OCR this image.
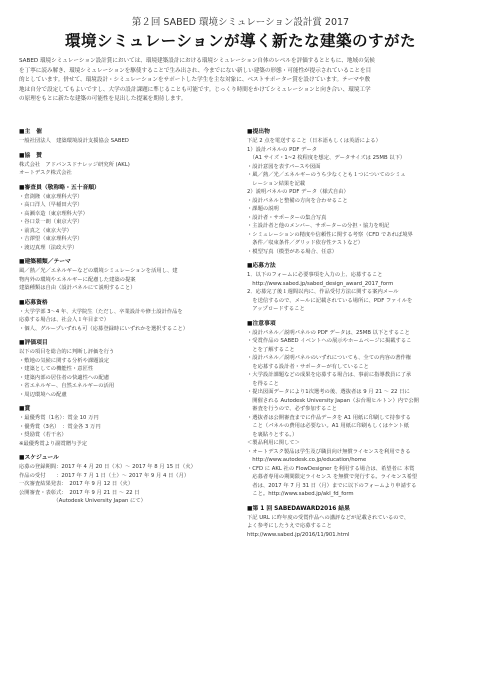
第２回 SABED 環境シミュレーション設計賞 2017
環境シミュレーションが導く新たな建築のすがた
SABED 環境シミュレーション設計賞においては、環境建築設計における環境シミュレーション自体のレベルを評価するとともに、地域の気候
を丁寧に読み解き、環境シミュレーションを駆使することで生み出され、今までにない新しい建築の形態・可能性が提示されていることを目
的としています。併せて、環境設計・シミュレーションをサポートした学生を主な対象に、ベストサポーター賞を設けています。テーマや敷
地は自分で設定してもよいですし、大学の設計課題に準じることも可能です。じっくり時間をかけてシミュレーションと向き合い、環境工学
の原理をもとに新たな建築の可能性を見出した提案を期待します。
■主　催
一般社団法人　建築環境設計支援協会 SABED
■協　賛
株式会社　アドバンスドナレッジ研究所 (AKL)
オートデスク株式会社
■審査員（敬称略・五十音順）
・倉渕隆（東京理科大学）
・高口洋人（早稲田大学）
・高瀬幸造（東京理科大学）
・谷口景一朗（東京大学）
・前真之（東京大学）
・吉澤望（東京理科大学）
・渡辺真理（法政大学）
■建築種類／テーマ
風／熱／光／エネルギーなどの環境シミュレーションを活用し、建
物内外の環境やエネルギーに配慮した建築の提案
建築種類は自由（設計パネルにて説明すること）
■応募資格
・大学学部 3～4 年、大学院生（ただし、卒業設計や修士設計作品を
応募する場合は、社会人１年目まで）
・個人、グループいずれも可（応募登録時にいずれかを選択すること）
■評価項目
以下の項目を総合的に判断し評価を行う
・敷地の気候に関する分析や課題設定
・建築としての機能性・意匠性
・建築内部の居住者の快適性への配慮
・省エネルギー、自然エネルギーの活用
・周辺環境への配慮
■賞
・最優秀賞（1名）：賞金 10 万円
・優秀賞（3名）　：賞金各 3 万円
・奨励賞（若干名）
※最優秀賞より副賞贈与予定
■スケジュール
応募の登録期間：2017 年 4 月 20 日（木）～ 2017 年 8 月 15 日（火）
作品の受付　　：2017 年 7 月 1 日（土）～ 2017 年 9 月 4 日（月）
一次審査結果発表：　2017 年 9 月 12 日（火）
公開審査・表彰式：　2017 年 9 月 21 日 ～ 22 日
　　　　　　　（Autodesk University Japan にて）
■提出物
下記 2 点を電送すること（日本語もしくは英語による）
1）設計パネルの PDF データ
　（A1 サイズ・1~2 枚程度を想定、データサイズは 25MB 以下）
・設計意図を表すパースや図面
・風／熱／光／エネルギーのうち少なくとも１つについてのシミュ
　レーション結果を記載
2）説明パネルの PDF データ（様式自由）
・設計パネルと整備の方向を合わせること
・課題の説明
・設計者・サポーターの集合写真
・主設計者と他のメンバー、サポーターの分担・協力を明記
・シミュレーションの精度や信頼性に関する考察（CFD であれば境界
　条件／収束条件／グリッド依存性テストなど）
・模型写真（模型がある場合、任意）
■応募方法
1．以下のフォームに必要事項を入力の上、応募すること
　http://www.sabed.jp/sabed_design_award_2017_form
2．応募完了後１週間以内に、作品受付方法に関する案内メール
　を送信するので、メールに記載されている場所に、PDF ファイルを
　アップロードすること
■注意事項
・設計パネル／説明パネルの PDF データは、25MB 以下とすること
・受賞作品の SABED イベントへの展示やホームページに掲載するこ
　とを了解すること
・設計パネル／説明パネルのいずれについても、全ての内容の著作権
　を応募する設計者・サポーターが有していること
・大学設計課題などの成果を応募する場合は、事前に指導教員に了承
　を得ること
・提出図面データにより1次選考の後、選抜者は 9 月 21 ～ 22 日に
　開催される Autodesk University Japan（お台場ヒルトン）内で公開
　審査を行うので、必ず参加すること
・選抜者は公開審査までに作品データを A1 用紙に印刷して持参する
　こと（パネルの費用は必要ない。A1 用紙に印刷もしくはケント紙
　を裏貼りとする。）
＜製品利用に関して＞
・オートデスク製品は学生及び職員向け無償ライセンスを利用できる
　http://www.autodesk.co.jp/education/home
・CFD に AKL 社の FlowDesigner を利用する場合は、希望者に 本賞
　応募者専用の期間限定ライセンス を無償で発行する。ライセンス希望
　者は、2017 年 7 月 31 日（月）までに以下のフォームより申請する
　こと。http://www.sabed.jp/akl_fd_form
■第 1 回 SABEDAWARD2016 結果
下記 URL に昨年度の受賞作品への講評などが記載されているので、
よく参考にしたうえで応募すること
http://www.sabed.jp/2016/11/901.html
